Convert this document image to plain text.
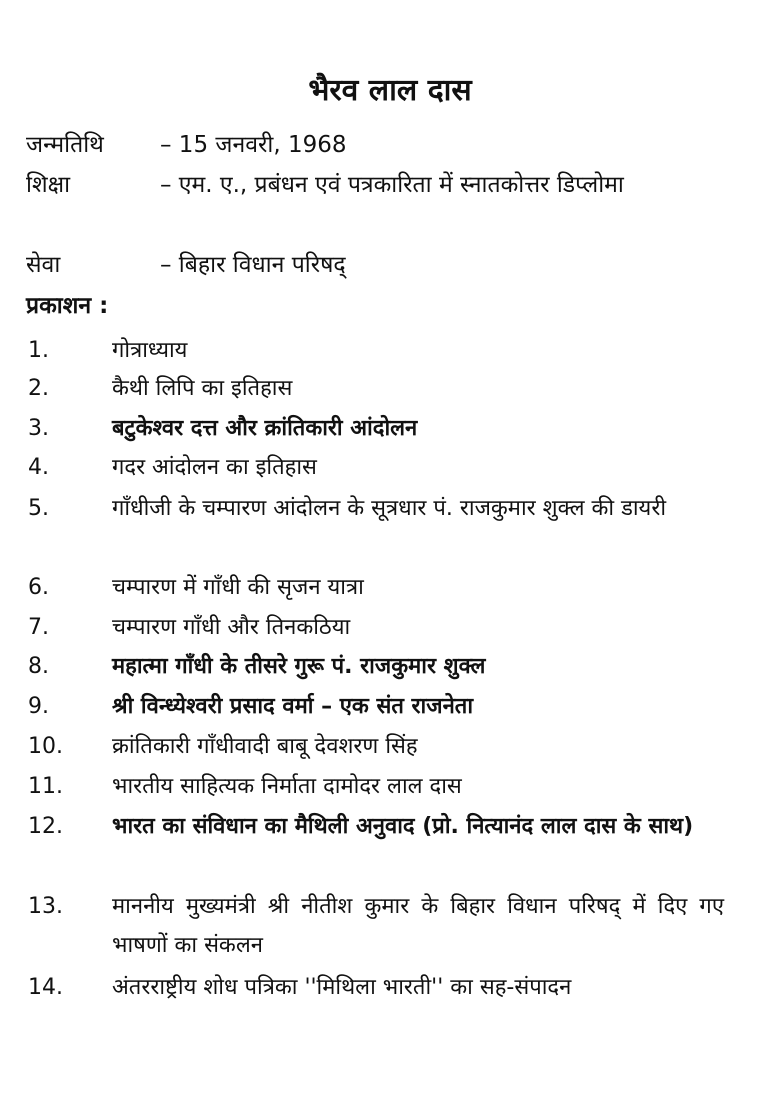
भैरव लाल दास
जन्मतिथि – 15 जनवरी, 1968
शिक्षा	– एम. ए., प्रबंधन एवं पत्रकारिता में स्नातकोत्तर डिप्लोमा
सेवा	– बिहार विधान परिषद्
प्रकाशन :
1.	गोत्राध्याय
2.	कैथी लिपि का इतिहास
3.	बटुकेश्वर दत्त और क्रांतिकारी आंदोलन
4.	गदर आंदोलन का इतिहास
5.	गाँधीजी के चम्पारण आंदोलन के सूत्रधार पं. राजकुमार शुक्ल की डायरी
6.	चम्पारण में गाँधी की सृजन यात्रा
7.	चम्पारण गाँधी और तिनकठिया
8.	महात्मा गाँधी के तीसरे गुरू पं. राजकुमार शुक्ल
9.	श्री विन्ध्येश्वरी प्रसाद वर्मा – एक संत राजनेता
10. क्रांतिकारी गाँधीवादी बाबू देवशरण सिंह
11. भारतीय साहित्यक निर्माता दामोदर लाल दास
12. भारत का संविधान का मैथिली अनुवाद (प्रो. नित्यानंद लाल दास के साथ)
13. माननीय मुख्यमंत्री श्री नीतीश कुमार के बिहार विधान परिषद् में दिए गए भाषणों का संकलन
14. अंतरराष्ट्रीय शोध पत्रिका ''मिथिला भारती'' का सह-संपादन
